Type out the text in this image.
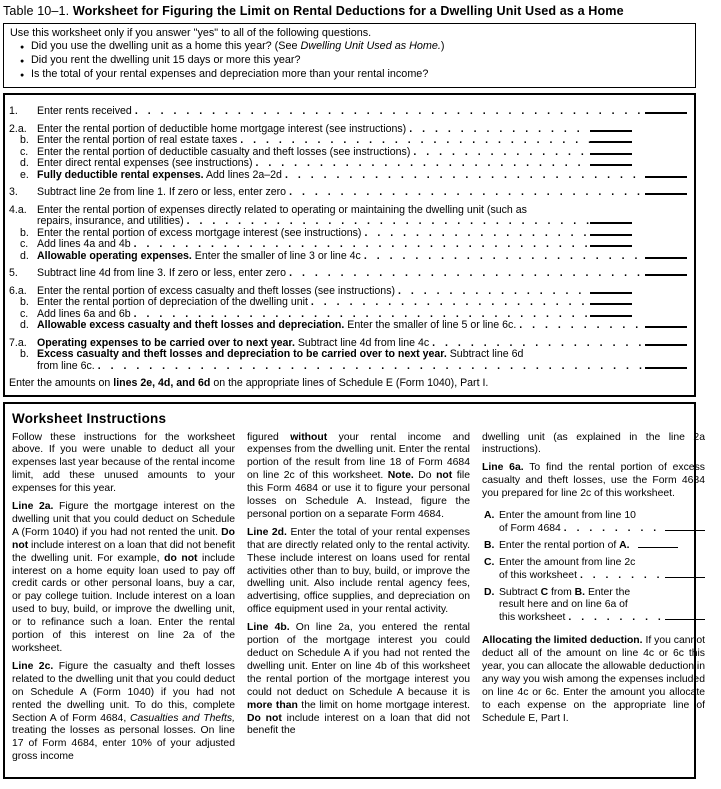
Table 10–1. Worksheet for Figuring the Limit on Rental Deductions for a Dwelling Unit Used as a Home
Use this worksheet only if you answer "yes" to all of the following questions.
● Did you use the dwelling unit as a home this year? (See Dwelling Unit Used as Home.)
● Did you rent the dwelling unit 15 days or more this year?
● Is the total of your rental expenses and depreciation more than your rental income?
1.	Enter rents received
. . .
2.a. Enter the rental portion of deductible home mortgage interest (see instructions)
. . .
b. Enter the rental portion of real estate taxes
. . .
c. Enter the rental portion of deductible casualty and theft losses (see instructions)
. . .
d. Enter direct rental expenses (see instructions)
. . .
e. Fully deductible rental expenses. Add lines 2a–2d
. . .
3.	Subtract line 2e from line 1. If zero or less, enter zero
. . .
4.a. Enter the rental portion of expenses directly related to operating or maintaining the dwelling unit (such as
repairs, insurance, and utilities)
. . .
b. Enter the rental portion of excess mortgage interest (see instructions)
. . .
c. Add lines 4a and 4b
. . .
d. Allowable operating expenses. Enter the smaller of line 3 or line 4c
. . .
5.	Subtract line 4d from line 3. If zero or less, enter zero
. . .
6.a. Enter the rental portion of excess casualty and theft losses (see instructions)
. . .
b. Enter the rental portion of depreciation of the dwelling unit
. . .
c. Add lines 6a and 6b
. . .
d. Allowable excess casualty and theft losses and depreciation. Enter the smaller of line 5 or line 6c.
. . .
7.a. Operating expenses to be carried over to next year. Subtract line 4d from line 4c
. . .
b. Excess casualty and theft losses and depreciation to be carried over to next year. Subtract line 6d
from line 6c.
. . .
Enter the amounts on lines 2e, 4d, and 6d on the appropriate lines of Schedule E (Form 1040), Part I.
Worksheet Instructions

Follow these instructions for the worksheet above. If you were unable to deduct all your expenses last year because of the rental income limit, add these unused amounts to your expenses for this year.

Line 2a. Figure the mortgage interest on the dwelling unit that you could deduct on Schedule A (Form 1040) if you had not rented the unit. Do not include interest on a loan that did not benefit the dwelling unit. For example, do not include interest on a home equity loan used to pay off credit cards or other personal loans, buy a car, or pay college tuition. Include interest on a loan used to buy, build, or improve the dwelling unit, or to refinance such a loan. Enter the rental portion of this interest on line 2a of the worksheet.

Line 2c. Figure the casualty and theft losses related to the dwelling unit that you could deduct on Schedule A (Form 1040) if you had not rented the dwelling unit. To do this, complete Section A of Form 4684, Casualties and Thefts, treating the losses as personal losses. On line 17 of Form 4684, enter 10% of your adjusted gross income

figured without your rental income and expenses from the dwelling unit. Enter the rental portion of the result from line 18 of Form 4684 on line 2c of this worksheet. Note. Do not file this Form 4684 or use it to figure your personal losses on Schedule A. Instead, figure the personal portion on a separate Form 4684.

Line 2d. Enter the total of your rental expenses that are directly related only to the rental activity. These include interest on loans used for rental activities other than to buy, build, or improve the dwelling unit. Also include rental agency fees, advertising, office supplies, and depreciation on office equipment used in your rental activity.

Line 4b. On line 2a, you entered the rental portion of the mortgage interest you could deduct on Schedule A if you had not rented the dwelling unit. Enter on line 4b of this worksheet the rental portion of the mortgage interest you could not deduct on Schedule A because it is more than the limit on home mortgage interest. Do not include interest on a loan that did not benefit the

dwelling unit (as explained in the line 2a instructions).

Line 6a. To find the rental portion of excess casualty and theft losses, use the Form 4684 you prepared for line 2c of this worksheet.

A. Enter the amount from line 10
of Form 4684
. . .
B. Enter the rental portion of A.
C. Enter the amount from line 2c
of this worksheet
. . .
D. Subtract C from B. Enter the
result here and on line 6a of
this worksheet
. . .

Allocating the limited deduction. If you cannot deduct all of the amount on line 4c or 6c this year, you can allocate the allowable deduction in any way you wish among the expenses included on line 4c or 6c. Enter the amount you allocate to each expense on the appropriate line of Schedule E, Part I.
